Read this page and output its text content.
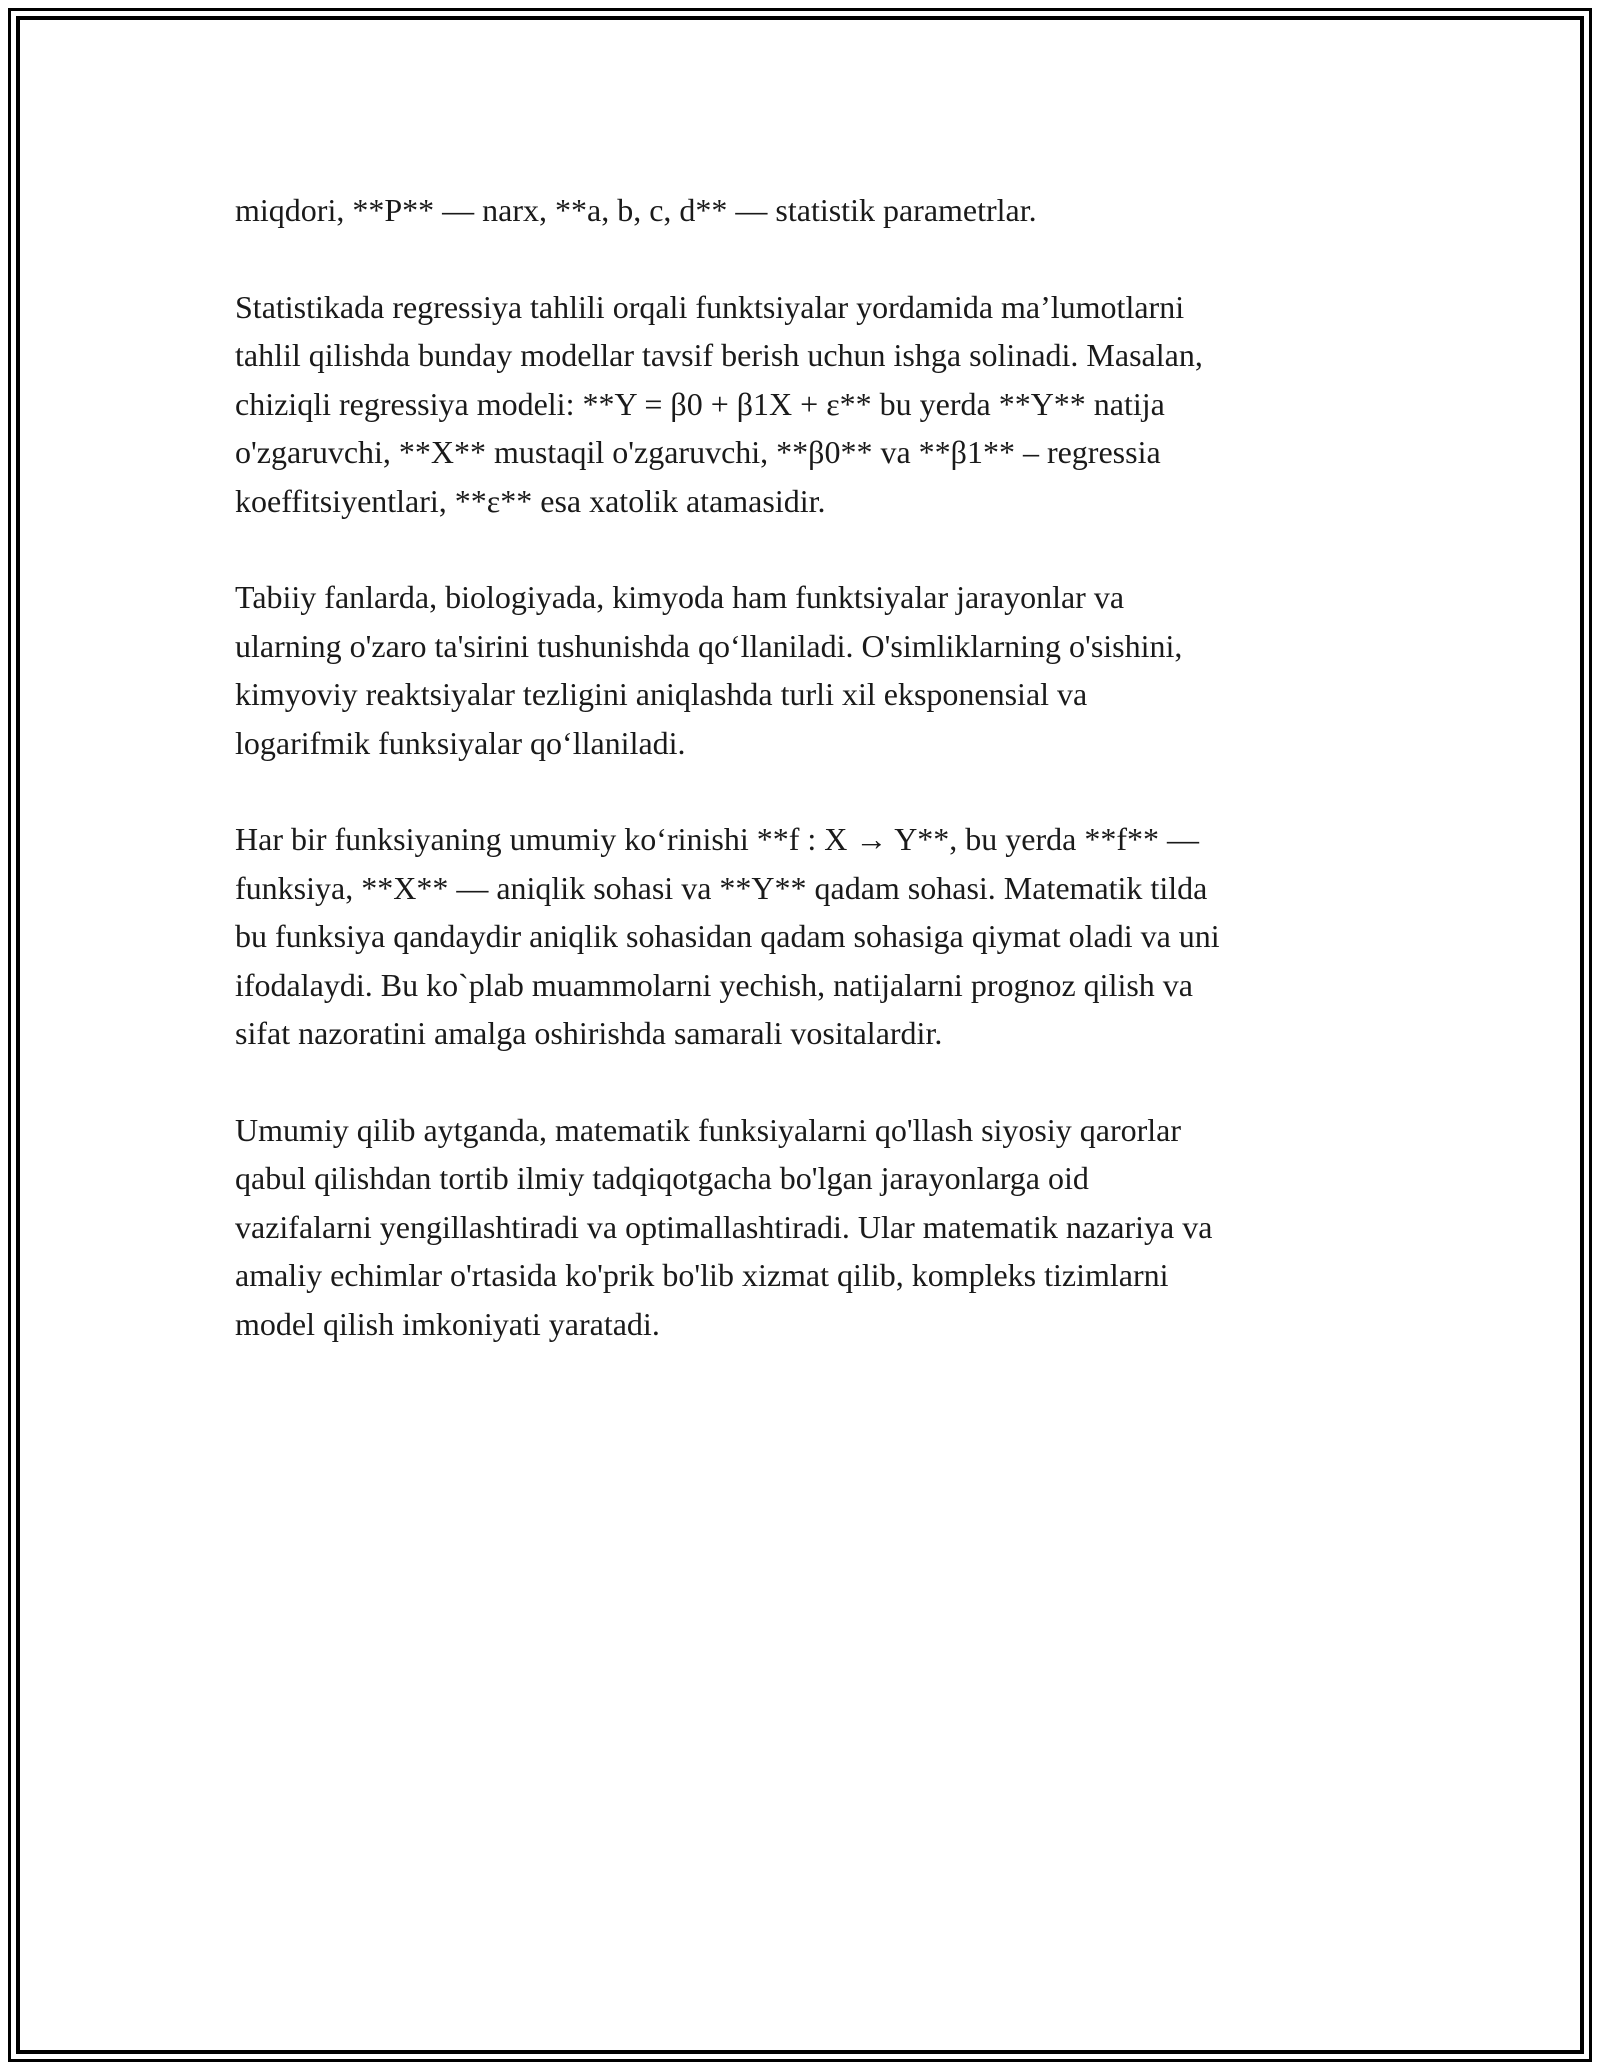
miqdori, **P** — narx, **a, b, c, d** — statistik parametrlar.

Statistikada regressiya tahlili orqali funktsiyalar yordamida ma’lumotlarni
tahlil qilishda bunday modellar tavsif berish uchun ishga solinadi. Masalan,
chiziqli regressiya modeli: **Y = β0 + β1X + ε** bu yerda **Y** natija
o'zgaruvchi, **X** mustaqil o'zgaruvchi, **β0** va **β1** – regressia
koeffitsiyentlari, **ε** esa xatolik atamasidir.

Tabiiy fanlarda, biologiyada, kimyoda ham funktsiyalar jarayonlar va
ularning o'zaro ta'sirini tushunishda qo‘llaniladi. O'simliklarning o'sishini,
kimyoviy reaktsiyalar tezligini aniqlashda turli xil eksponensial va
logarifmik funksiyalar qo‘llaniladi.

Har bir funksiyaning umumiy ko‘rinishi **f : X → Y**, bu yerda **f** —
funksiya, **X** — aniqlik sohasi va **Y** qadam sohasi. Matematik tilda
bu funksiya qandaydir aniqlik sohasidan qadam sohasiga qiymat oladi va uni
ifodalaydi. Bu ko`plab muammolarni yechish, natijalarni prognoz qilish va
sifat nazoratini amalga oshirishda samarali vositalardir.

Umumiy qilib aytganda, matematik funksiyalarni qo'llash siyosiy qarorlar
qabul qilishdan tortib ilmiy tadqiqotgacha bo'lgan jarayonlarga oid
vazifalarni yengillashtiradi va optimallashtiradi. Ular matematik nazariya va
amaliy echimlar o'rtasida ko'prik bo'lib xizmat qilib, kompleks tizimlarni
model qilish imkoniyati yaratadi.
